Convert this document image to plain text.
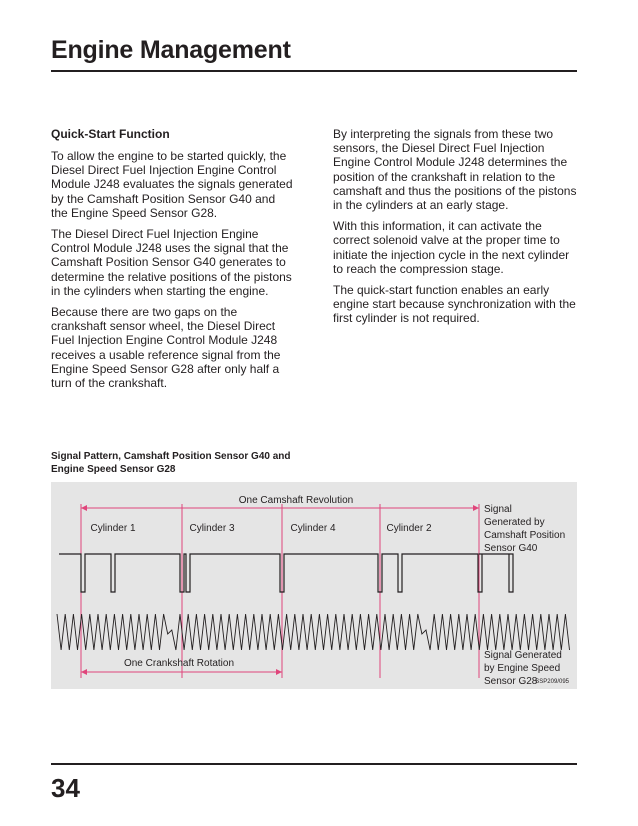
Engine Management
Quick-Start Function

To allow the engine to be started quickly, the Diesel Direct Fuel Injection Engine Control Module J248 evaluates the signals generated by the Camshaft Position Sensor G40 and the Engine Speed Sensor G28.

The Diesel Direct Fuel Injection Engine Control Module J248 uses the signal that the Camshaft Position Sensor G40 generates to determine the relative positions of the pistons in the cylinders when starting the engine.

Because there are two gaps on the crankshaft sensor wheel, the Diesel Direct Fuel Injection Engine Control Module J248 receives a usable reference signal from the Engine Speed Sensor G28 after only half a turn of the crankshaft.

By interpreting the signals from these two sensors, the Diesel Direct Fuel Injection Engine Control Module J248 determines the position of the crankshaft in relation to the camshaft and thus the positions of the pistons in the cylinders at an early stage.

With this information, it can activate the correct solenoid valve at the proper time to initiate the injection cycle in the next cylinder to reach the compression stage.

The quick-start function enables an early engine start because synchronization with the first cylinder is not required.

Signal Pattern, Camshaft Position Sensor G40 and Engine Speed Sensor G28
One Camshaft Revolution
One Crankshaft Rotation
Cylinder 1	Cylinder 3	Cylinder 4	Cylinder 2
Signal
Generated by
Camshaft Position
Sensor G40
Signal Generated
by Engine Speed
Sensor G28
SSP209/095
34
